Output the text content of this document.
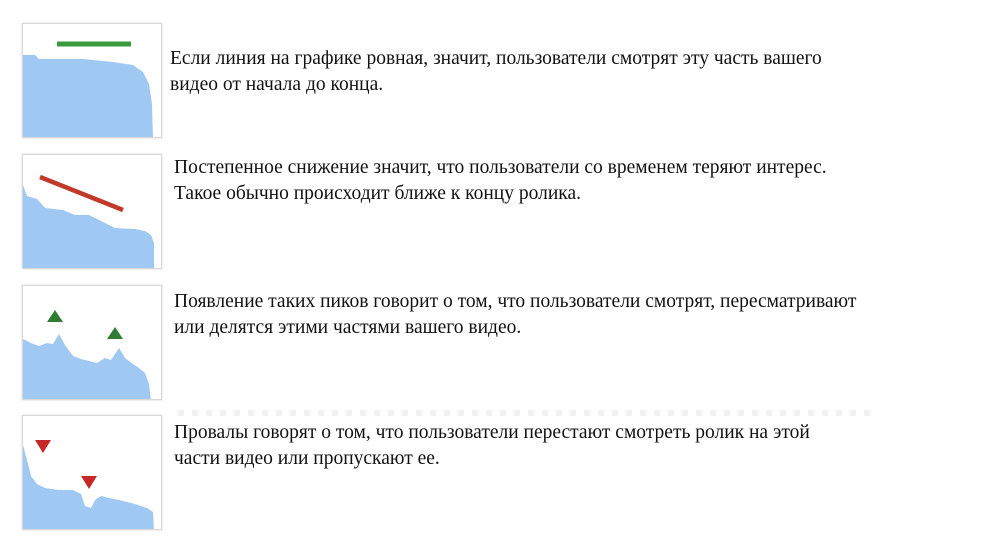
Если линия на графике ровная, значит, пользователи смотрят эту часть вашего
видео от начала до конца.

Постепенное снижение значит, что пользователи со временем теряют интерес.
Такое обычно происходит ближе к концу ролика.

Появление таких пиков говорит о том, что пользователи смотрят, пересматривают
или делятся этими частями вашего видео.

Провалы говорят о том, что пользователи перестают смотреть ролик на этой
части видео или пропускают ее.
